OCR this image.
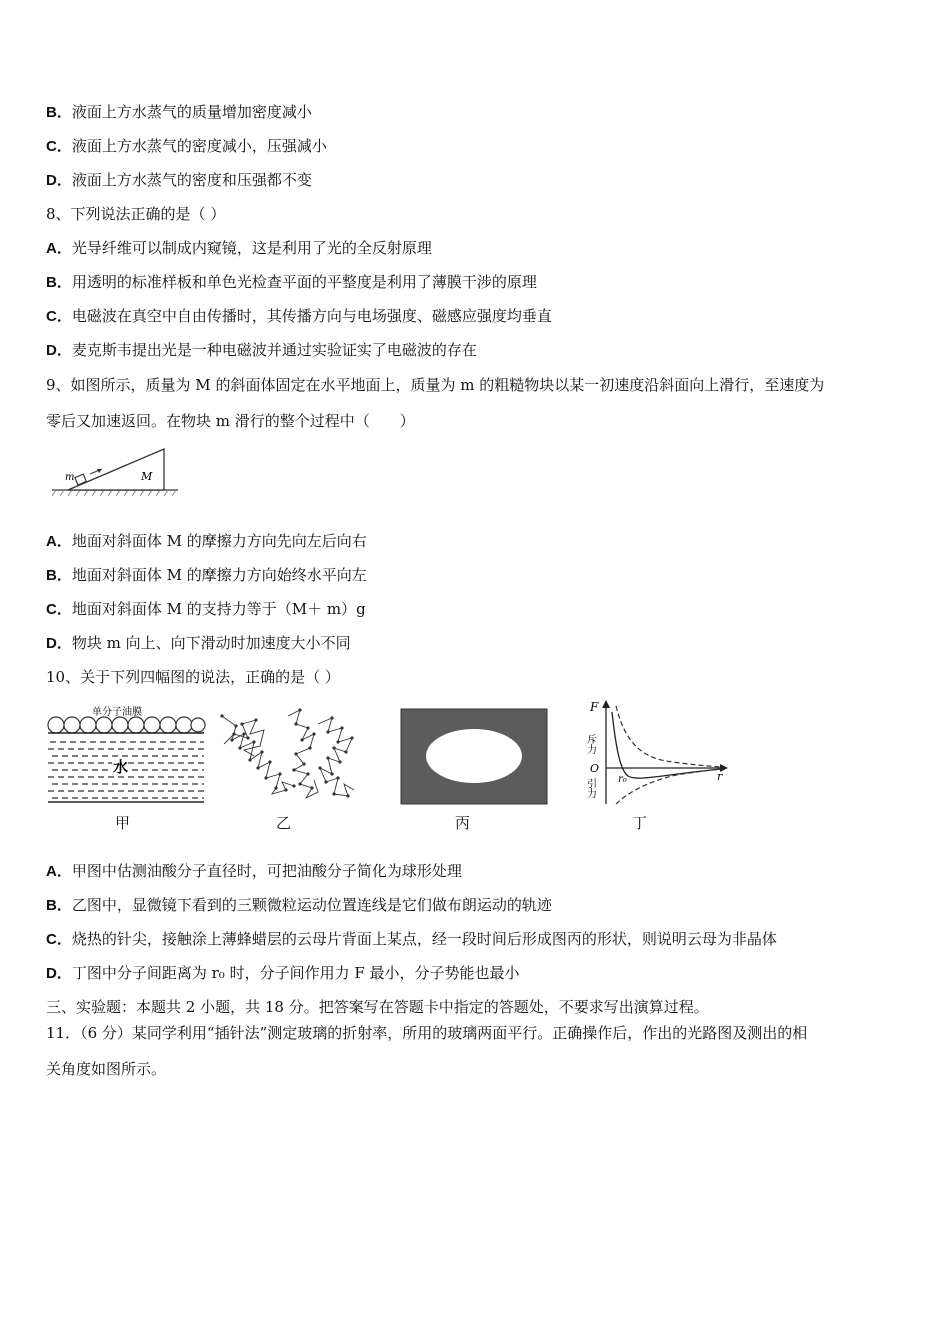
B．液面上方水蒸气的质量增加密度减小
C．液面上方水蒸气的密度减小，压强减小
D．液面上方水蒸气的密度和压强都不变
8、下列说法正确的是（ ）
A．光导纤维可以制成内窥镜，这是利用了光的全反射原理
B．用透明的标准样板和单色光检查平面的平整度是利用了薄膜干涉的原理
C．电磁波在真空中自由传播时，其传播方向与电场强度、磁感应强度均垂直
D．麦克斯韦提出光是一种电磁波并通过实验证实了电磁波的存在
9、如图所示，质量为 M 的斜面体固定在水平地面上，质量为 m 的粗糙物块以某一初速度沿斜面向上滑行，至速度为
零后又加速返回。在物块 m 滑行的整个过程中（　　）
m	M
A．地面对斜面体 M 的摩擦力方向先向左后向右
B．地面对斜面体 M 的摩擦力方向始终水平向左
C．地面对斜面体 M 的支持力等于（M＋ m）g
D．物块 m 向上、向下滑动时加速度大小不同
10、关于下列四幅图的说法，正确的是（ ）
单分子油膜
水
甲	乙	丙
F
斥力
O
引力 r₀	r
丁
A．甲图中估测油酸分子直径时，可把油酸分子简化为球形处理
B．乙图中，显微镜下看到的三颗微粒运动位置连线是它们做布朗运动的轨迹
C．烧热的针尖，接触涂上薄蜂蜡层的云母片背面上某点，经一段时间后形成图丙的形状，则说明云母为非晶体
D．丁图中分子间距离为 r₀ 时，分子间作用力 F 最小，分子势能也最小
三、实验题：本题共 2 小题，共 18 分。把答案写在答题卡中指定的答题处，不要求写出演算过程。
11．（6 分）某同学利用“插针法”测定玻璃的折射率，所用的玻璃两面平行。正确操作后，作出的光路图及测出的相
关角度如图所示。
